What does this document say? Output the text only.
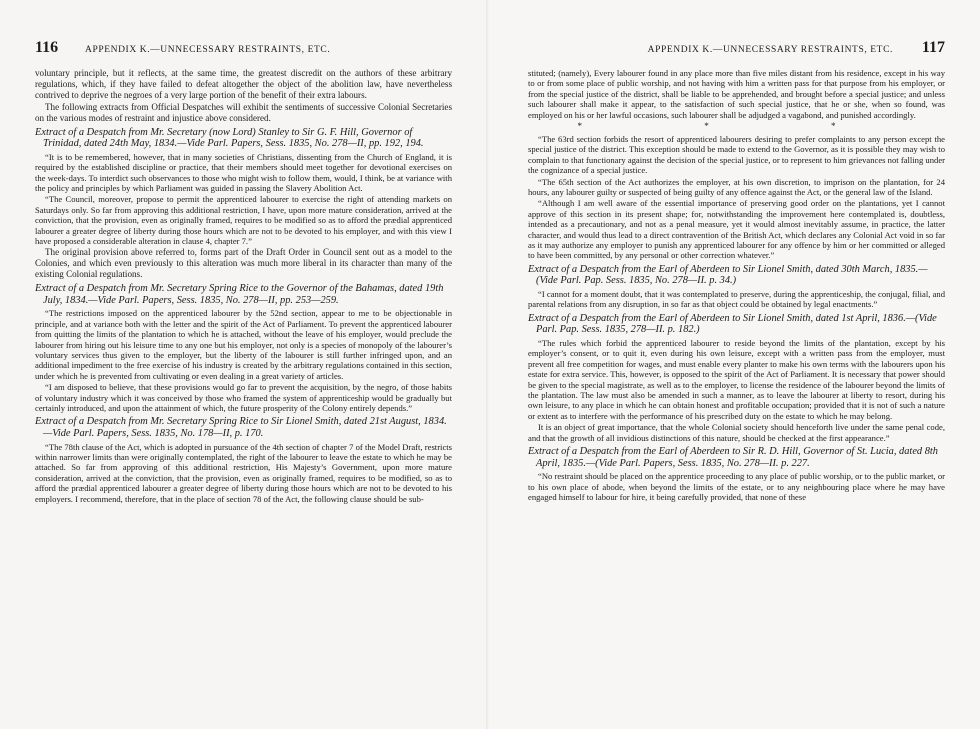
116	APPENDIX K.—UNNECESSARY RESTRAINTS, ETC.

voluntary principle, but it reflects, at the same time, the greatest discredit on the authors of these arbitrary regulations, which, if they have failed to defeat altogether the object of the abolition law, have nevertheless contrived to deprive the negroes of a very large portion of the benefit of their extra labours.

The following extracts from Official Despatches will exhibit the sentiments of successive Colonial Secretaries on the various modes of restraint and injustice above considered.

Extract of a Despatch from Mr. Secretary (now Lord) Stanley to Sir G. F. Hill, Governor of Trinidad, dated 24th May, 1834.—Vide Parl. Papers, Sess. 1835, No. 278—II, pp. 192, 194.

“It is to be remembered, however, that in many societies of Christians, dissenting from the Church of England, it is required by the established discipline or practice, that their members should meet together for devotional exercises on the week-days. To interdict such observances to those who might wish to follow them, would, I think, be at variance with the policy and principles by which Parliament was guided in passing the Slavery Abolition Act.

“The Council, moreover, propose to permit the apprenticed labourer to exercise the right of attending markets on Saturdays only. So far from approving this additional restriction, I have, upon more mature consideration, arrived at the conviction, that the provision, even as originally framed, requires to be modified so as to afford the prædial apprenticed labourer a greater degree of liberty during those hours which are not to be devoted to his employer, and with this view I have proposed a considerable alteration in clause 4, chapter 7.”

The original provision above referred to, forms part of the Draft Order in Council sent out as a model to the Colonies, and which even previously to this alteration was much more liberal in its character than many of the existing Colonial regulations.

Extract of a Despatch from Mr. Secretary Spring Rice to the Governor of the Bahamas, dated 19th July, 1834.—Vide Parl. Papers, Sess. 1835, No. 278—II, pp. 253—259.

“The restrictions imposed on the apprenticed labourer by the 52nd section, appear to me to be objectionable in principle, and at variance both with the letter and the spirit of the Act of Parliament. To prevent the apprenticed labourer from quitting the limits of the plantation to which he is attached, without the leave of his employer, would preclude the labourer from hiring out his leisure time to any one but his employer, not only is a species of monopoly of the labourer’s voluntary services thus given to the employer, but the liberty of the labourer is still further infringed upon, and an additional impediment to the free exercise of his industry is created by the arbitrary regulations contained in this section, under which he is prevented from cultivating or even dealing in a great variety of articles.

“I am disposed to believe, that these provisions would go far to prevent the acquisition, by the negro, of those habits of voluntary industry which it was conceived by those who framed the system of apprenticeship would be gradually but certainly introduced, and upon the attainment of which, the future prosperity of the Colony entirely depends.”

Extract of a Despatch from Mr. Secretary Spring Rice to Sir Lionel Smith, dated 21st August, 1834.—Vide Parl. Papers, Sess. 1835, No. 178—II, p. 170.

“The 78th clause of the Act, which is adopted in pursuance of the 4th section of chapter 7 of the Model Draft, restricts within narrower limits than were originally contemplated, the right of the labourer to leave the estate to which he may be attached. So far from approving of this additional restriction, His Majesty’s Government, upon more mature consideration, arrived at the conviction, that the provision, even as originally framed, requires to be modified, so as to afford the prædial apprenticed labourer a greater degree of liberty during those hours which are not to be devoted to his employers. I recommend, therefore, that in the place of section 78 of the Act, the following clause should be sub-

APPENDIX K.—UNNECESSARY RESTRAINTS, ETC. 117

stituted; (namely), Every labourer found in any place more than five miles distant from his residence, except in his way to or from some place of public worship, and not having with him a written pass for that purpose from his employer, or from the special justice of the district, shall be liable to be apprehended, and brought before a special justice; and unless such labourer shall make it appear, to the satisfaction of such special justice, that he or she, when so found, was employed on his or her lawful occasions, such labourer shall be adjudged a vagabond, and punished accordingly.

* * *

“The 63rd section forbids the resort of apprenticed labourers desiring to prefer complaints to any person except the special justice of the district. This exception should be made to extend to the Governor, as it is possible they may wish to complain to that functionary against the decision of the special justice, or to represent to him grievances not falling under the cognizance of a special justice.

“The 65th section of the Act authorizes the employer, at his own discretion, to imprison on the plantation, for 24 hours, any labourer guilty or suspected of being guilty of any offence against the Act, or the general law of the Island.

“Although I am well aware of the essential importance of preserving good order on the plantations, yet I cannot approve of this section in its present shape; for, notwithstanding the improvement here contemplated is, doubtless, intended as a precautionary, and not as a penal measure, yet it would almost inevitably assume, in practice, the latter character, and would thus lead to a direct contravention of the British Act, which declares any Colonial Act void in so far as it may authorize any employer to punish any apprenticed labourer for any offence by him or her committed or alleged to have been committed, by any personal or other correction whatever.”

Extract of a Despatch from the Earl of Aberdeen to Sir Lionel Smith, dated 30th March, 1835.—(Vide Parl. Pap. Sess. 1835, No. 278—II. p. 34.)

“I cannot for a moment doubt, that it was contemplated to preserve, during the apprenticeship, the conjugal, filial, and parental relations from any disruption, in so far as that object could be obtained by legal enactments.”

Extract of a Despatch from the Earl of Aberdeen to Sir Lionel Smith, dated 1st April, 1836.—(Vide Parl. Pap. Sess. 1835, 278—II. p. 182.)

“The rules which forbid the apprenticed labourer to reside beyond the limits of the plantation, except by his employer’s consent, or to quit it, even during his own leisure, except with a written pass from the employer, must prevent all free competition for wages, and must enable every planter to make his own terms with the labourers upon his estate for extra service. This, however, is opposed to the spirit of the Act of Parliament. It is necessary that power should be given to the special magistrate, as well as to the employer, to license the residence of the labourer beyond the limits of the plantation. The law must also be amended in such a manner, as to leave the labourer at liberty to resort, during his own leisure, to any place in which he can obtain honest and profitable occupation; provided that it is not of such a nature or extent as to interfere with the performance of his prescribed duty on the estate to which he may belong.

It is an object of great importance, that the whole Colonial society should henceforth live under the same penal code, and that the growth of all invidious distinctions of this nature, should be checked at the first appearance.”

Extract of a Despatch from the Earl of Aberdeen to Sir R. D. Hill, Governor of St. Lucia, dated 8th April, 1835.—(Vide Parl. Papers, Sess. 1835, No. 278—II. p. 227.

“No restraint should be placed on the apprentice proceeding to any place of public worship, or to the public market, or to his own place of abode, when beyond the limits of the estate, or to any neighbouring place where he may have engaged himself to labour for hire, it being carefully provided, that none of these
